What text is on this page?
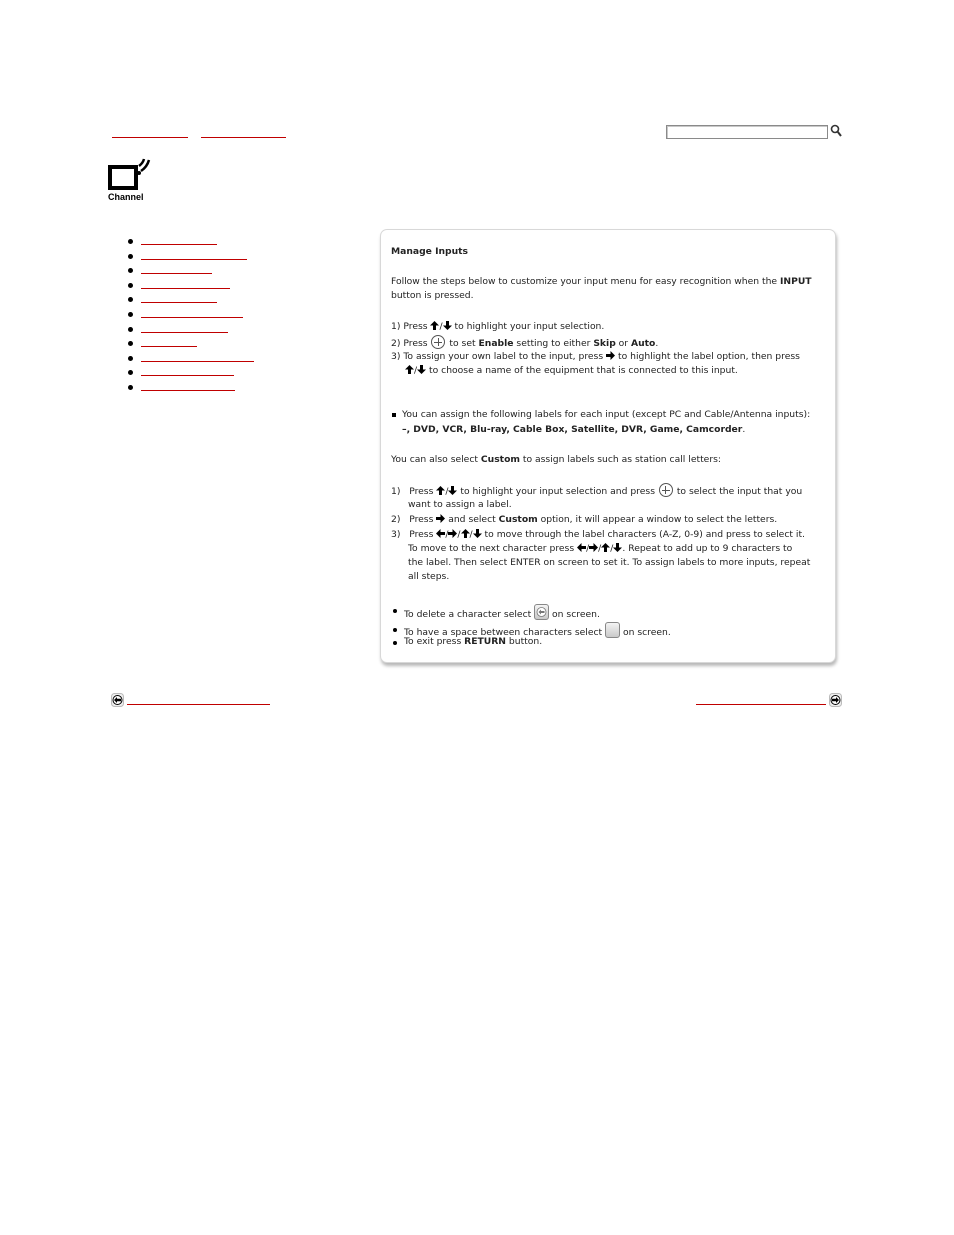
Channel
Manage Inputs
Follow the steps below to customize your input menu for easy recognition when the INPUT
button is pressed.
1) Press / to highlight your input selection.
2) Press  to set Enable setting to either Skip or Auto.
3) To assign your own label to the input, press  to highlight the label option, then press
/ to choose a name of the equipment that is connected to this input.
You can assign the following labels for each input (except PC and Cable/Antenna inputs):
–, DVD, VCR, Blu-ray, Cable Box, Satellite, DVR, Game, Camcorder.
You can also select Custom to assign labels such as station call letters:
1) Press / to highlight your input selection and press  to select the input that you
want to assign a label.
2) Press  and select Custom option, it will appear a window to select the letters.
3) Press / / / to move through the label characters (A-Z, 0-9) and press to select it.
To move to the next character press / / / . Repeat to add up to 9 characters to
the label. Then select ENTER on screen to set it. To assign labels to more inputs, repeat
all steps.
To delete a character select
on screen.
To have a space between characters select  on screen.
To exit press RETURN button.
